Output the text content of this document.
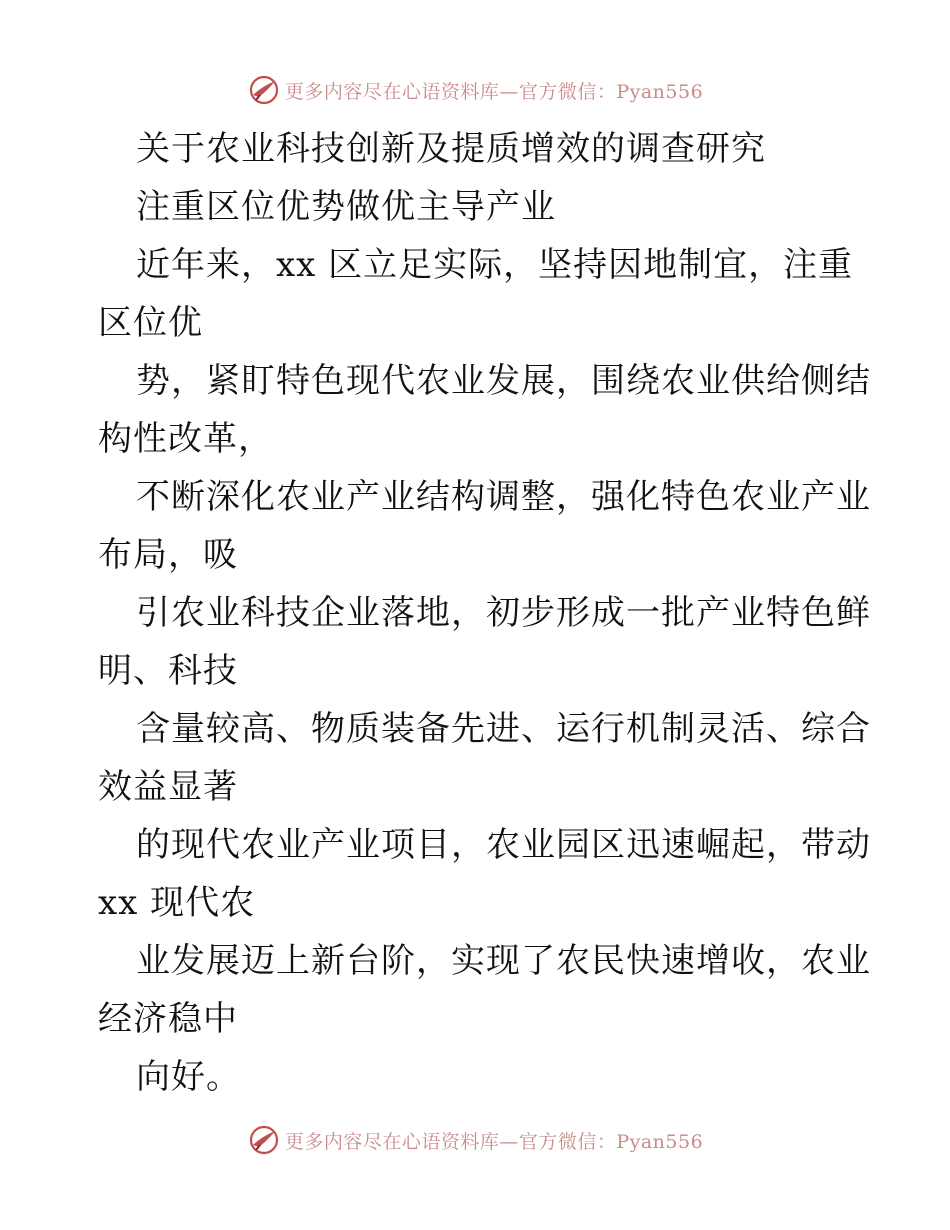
更多内容尽在心语资料库—官方微信：Pyan556
关于农业科技创新及提质增效的调查研究
注重区位优势做优主导产业
近年来，xx 区立足实际，坚持因地制宜，注重
区位优
势，紧盯特色现代农业发展，围绕农业供给侧结
构性改革，
不断深化农业产业结构调整，强化特色农业产业
布局，吸
引农业科技企业落地，初步形成一批产业特色鲜
明、科技
含量较高、物质装备先进、运行机制灵活、综合
效益显著
的现代农业产业项目，农业园区迅速崛起，带动
xx 现代农
业发展迈上新台阶，实现了农民快速增收，农业
经济稳中
向好。
更多内容尽在心语资料库—官方微信：Pyan556
